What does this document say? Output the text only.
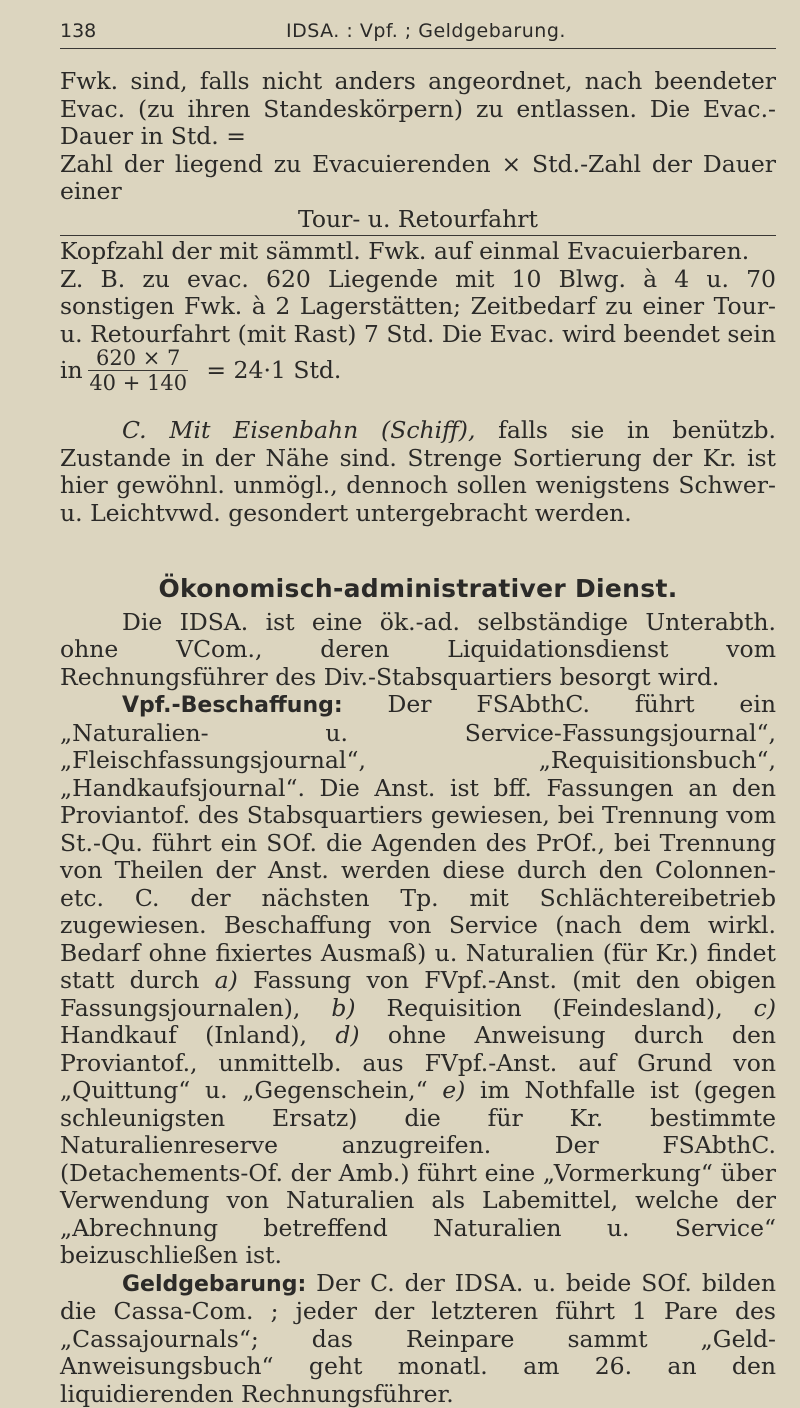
138	IDSA. : Vpf. ; Geldgebarung.

Fwk. sind, falls nicht anders angeordnet, nach beendeter Evac. (zu ihren Standeskörpern) zu entlassen. Die Evac.-Dauer in Std. =

Zahl der liegend zu Evacuierenden × Std.-Zahl der Dauer einer

Tour- u. Retourfahrt

Kopfzahl der mit sämmtl. Fwk. auf einmal Evacuierbaren.

Z. B. zu evac. 620 Liegende mit 10 Blwg. à 4 u. 70 sonstigen Fwk. à 2 Lagerstätten; Zeitbedarf zu einer Tour- u. Retourfahrt (mit Rast) 7 Std. Die Evac. wird beendet sein

in $\frac{620 \times 7}{40 + 140} = 24\cdot 1$ Std.

C. Mit Eisenbahn (Schiff), falls sie in benützb. Zustande in der Nähe sind. Strenge Sortierung der Kr. ist hier gewöhnl. unmögl., dennoch sollen wenigstens Schwer- u. Leichtvwd. gesondert untergebracht werden.

Ökonomisch-administrativer Dienst.

Die IDSA. ist eine ök.-ad. selbständige Unterabth. ohne VCom., deren Liquidationsdienst vom Rechnungsführer des Div.-Stabsquartiers besorgt wird.

Vpf.-Beschaffung: Der FSAbthC. führt ein „Naturalien- u. Service-Fassungsjournal“, „Fleischfassungsjournal“, „Requisitionsbuch“, „Handkaufsjournal“. Die Anst. ist bff. Fassungen an den Proviantof. des Stabsquartiers gewiesen, bei Trennung vom St.-Qu. führt ein SOf. die Agenden des PrOf., bei Trennung von Theilen der Anst. werden diese durch den Colonnen- etc. C. der nächsten Tp. mit Schlächtereibetrieb zugewiesen. Beschaffung von Service (nach dem wirkl. Bedarf ohne fixiertes Ausmaß) u. Naturalien (für Kr.) findet statt durch a) Fassung von FVpf.-Anst. (mit den obigen Fassungsjournalen), b) Requisition (Feindesland), c) Handkauf (Inland), d) ohne Anweisung durch den Proviantof., unmittelb. aus FVpf.-Anst. auf Grund von „Quittung“ u. „Gegenschein,“ e) im Nothfalle ist (gegen schleunigsten Ersatz) die für Kr. bestimmte Naturalienreserve anzugreifen. Der FSAbthC. (Detachements-Of. der Amb.) führt eine „Vormerkung“ über Verwendung von Naturalien als Labemittel, welche der „Abrechnung betreffend Naturalien u. Service“ beizuschließen ist.

Geldgebarung: Der C. der IDSA. u. beide SOf. bilden die Cassa-Com. ; jeder der letzteren führt 1 Pare des „Cassajournals“; das Reinpare sammt „Geld-Anweisungsbuch“ geht monatl. am 26. an den liquidierenden Rechnungsführer.
